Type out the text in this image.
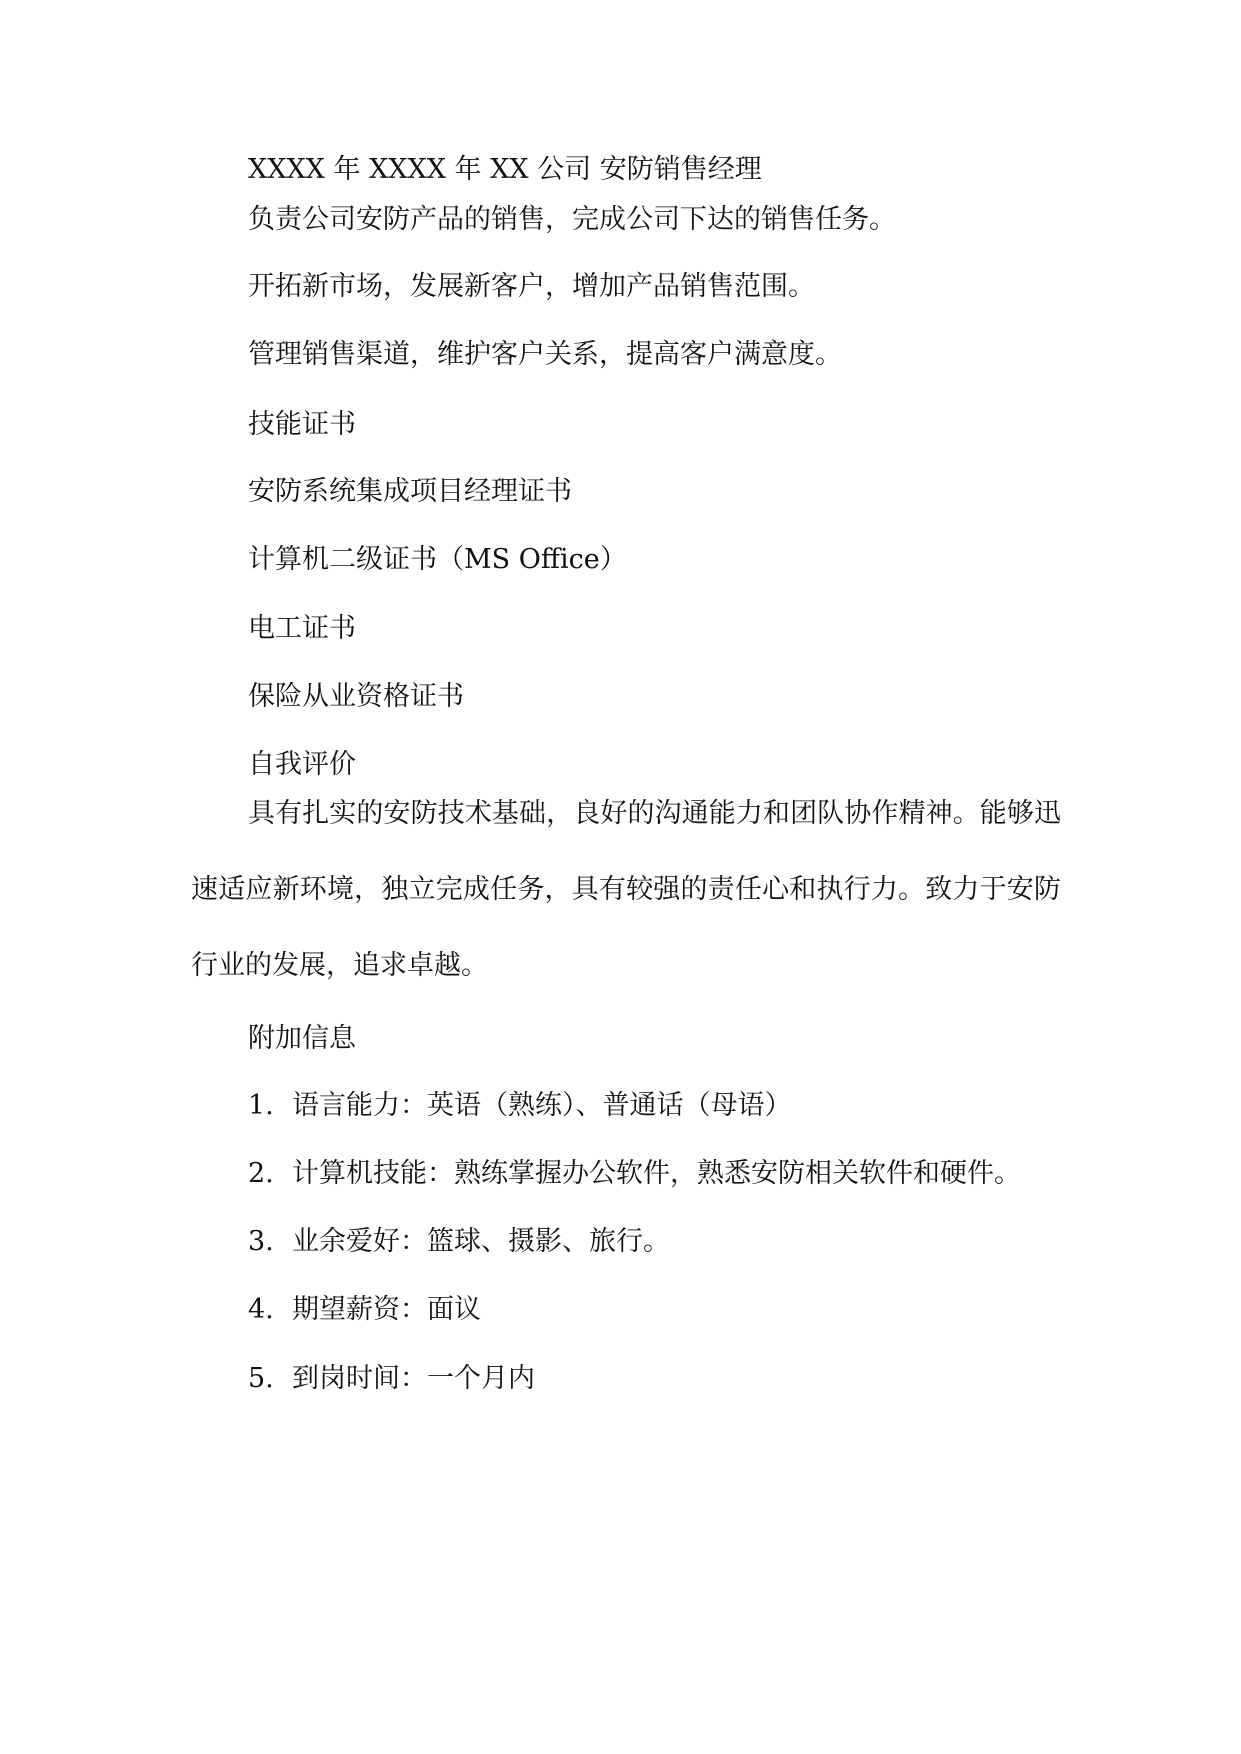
XXXX 年 XXXX 年 XX 公司 安防销售经理
负责公司安防产品的销售，完成公司下达的销售任务。
开拓新市场，发展新客户，增加产品销售范围。
管理销售渠道，维护客户关系，提高客户满意度。
技能证书
安防系统集成项目经理证书
计算机二级证书（MS Office）
电工证书
保险从业资格证书
自我评价
具有扎实的安防技术基础，良好的沟通能力和团队协作精神。能够迅速适应新环境，独立完成任务，具有较强的责任心和执行力。致力于安防行业的发展，追求卓越。
附加信息
1. 语言能力：英语（熟练）、普通话（母语）
2. 计算机技能：熟练掌握办公软件，熟悉安防相关软件和硬件。
3. 业余爱好：篮球、摄影、旅行。
4. 期望薪资：面议
5. 到岗时间：一个月内
